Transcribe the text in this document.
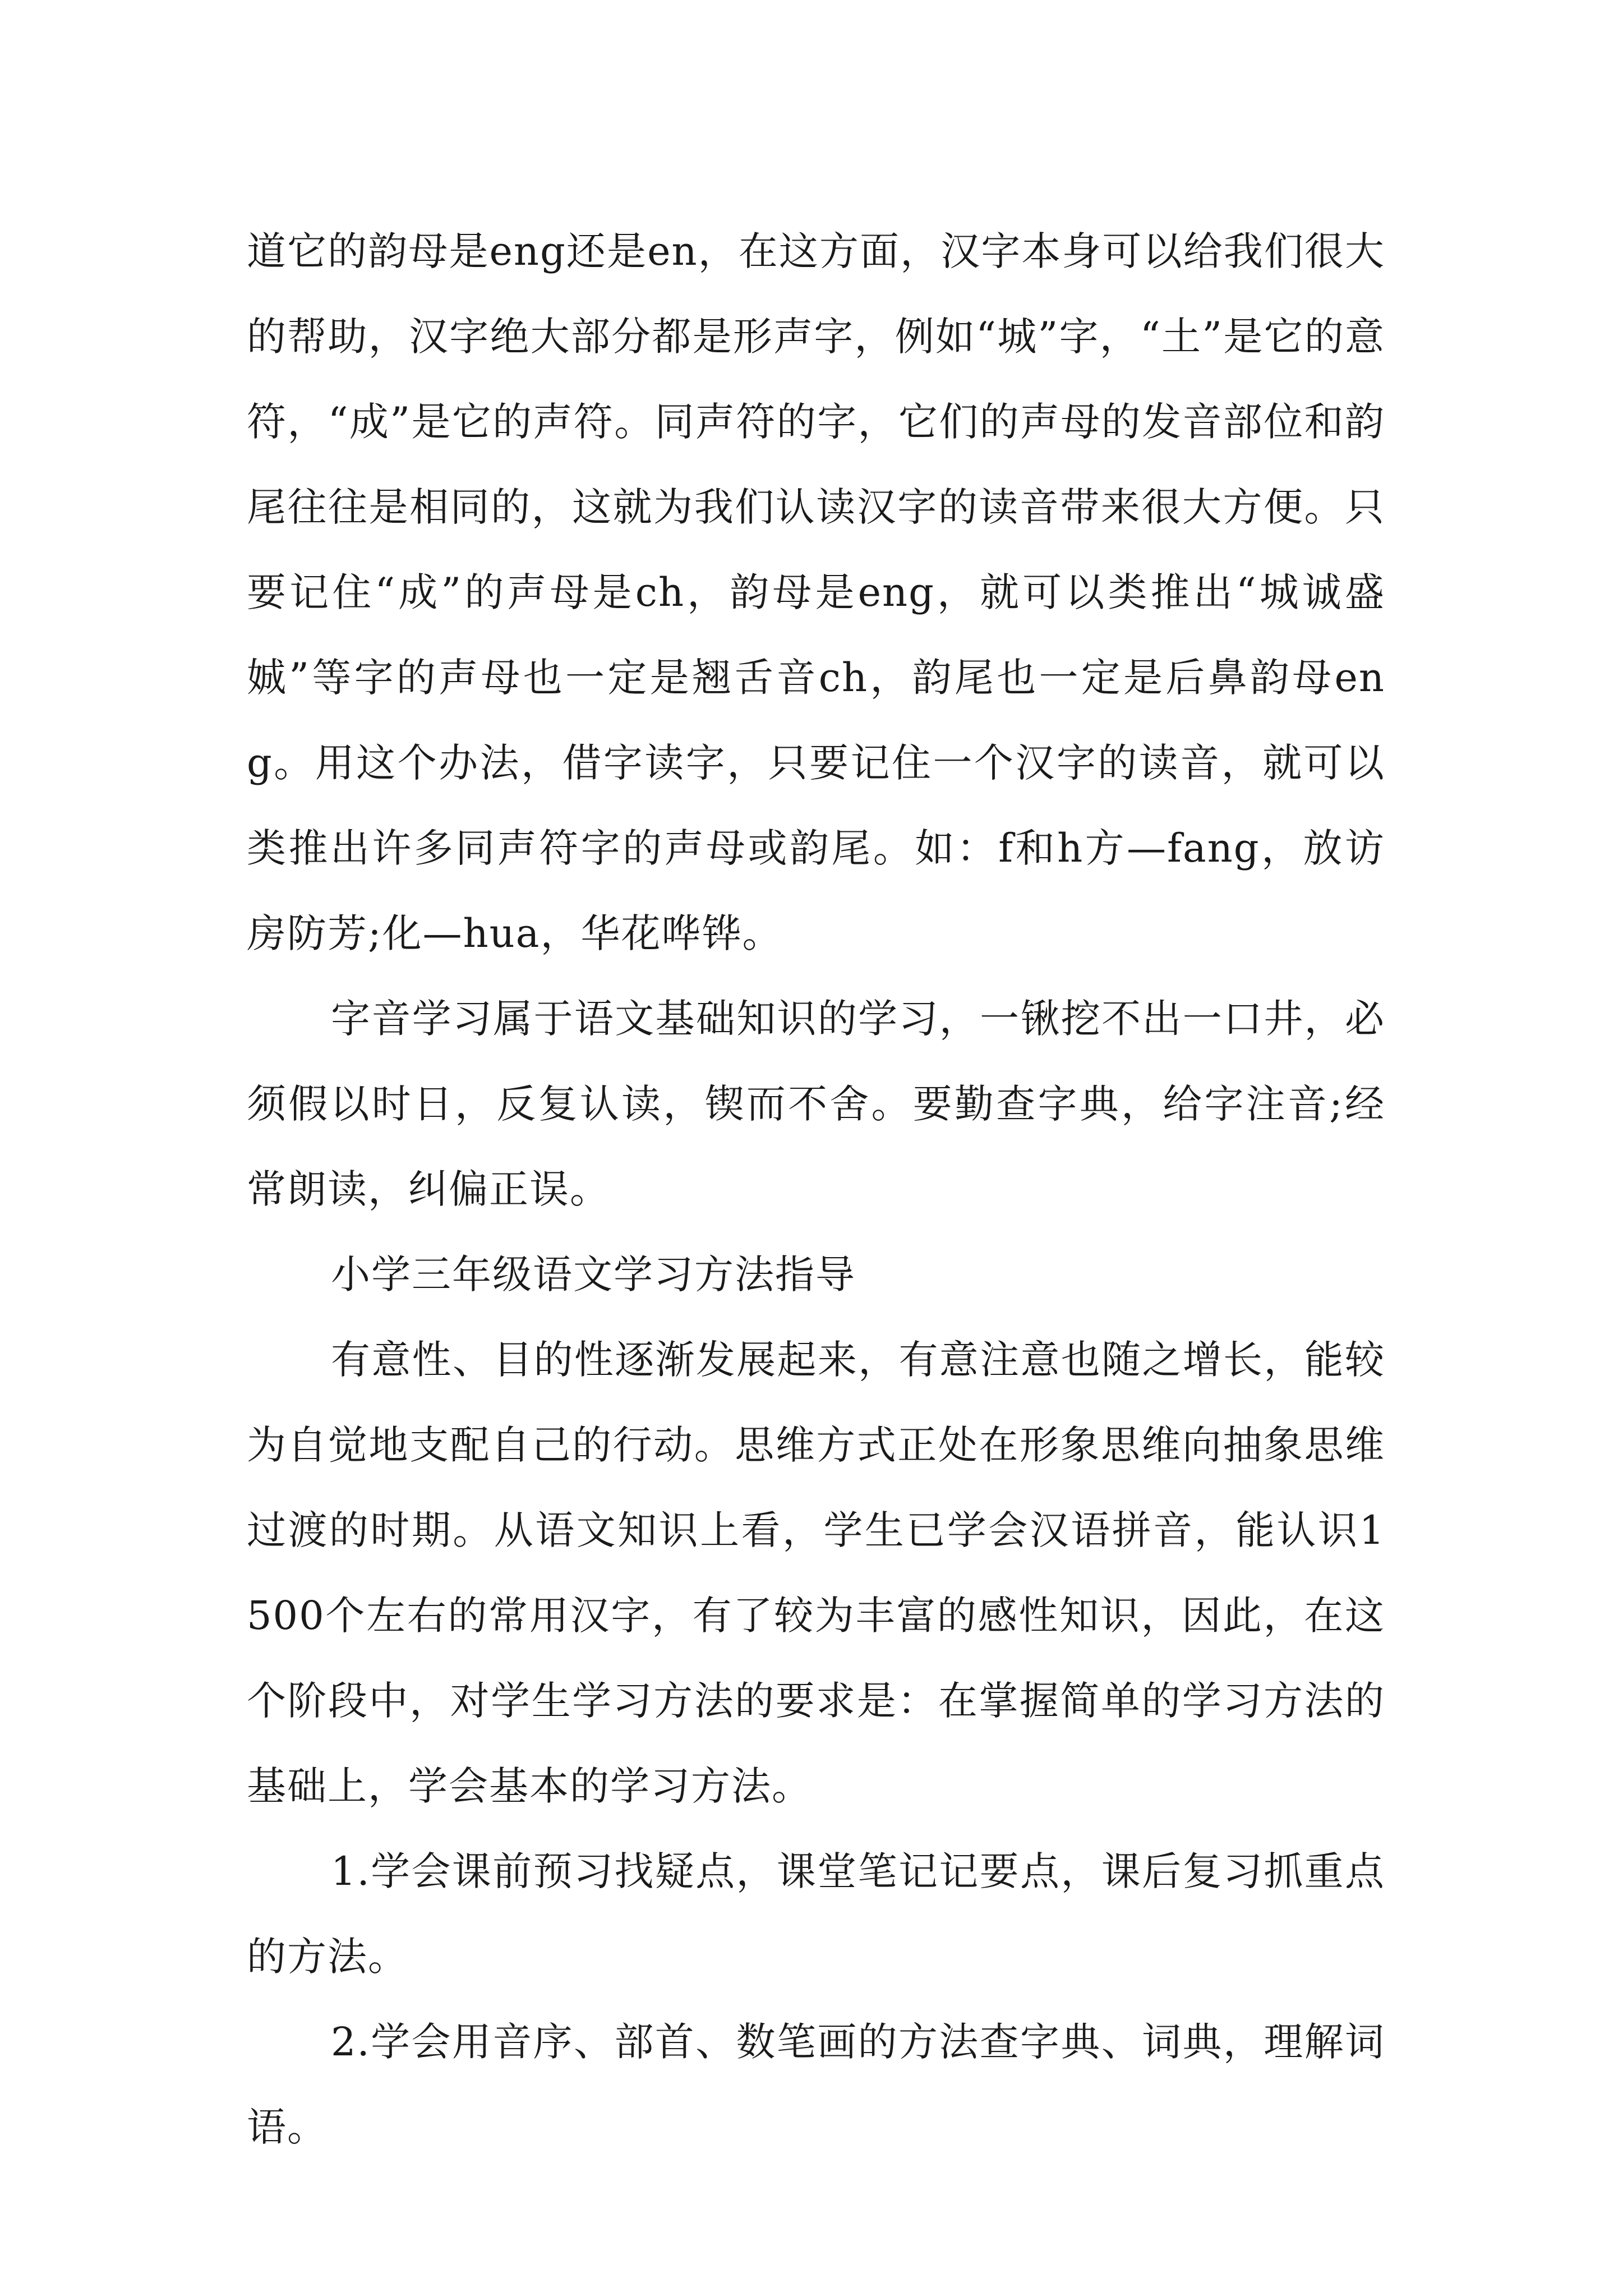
道它的韵母是eng还是en，在这方面，汉字本身可以给我们很大的帮助，汉字绝大部分都是形声字，例如“城”字，“土”是它的意符，“成”是它的声符。同声符的字，它们的声母的发音部位和韵尾往往是相同的，这就为我们认读汉字的读音带来很大方便。只要记住“成”的声母是ch，韵母是eng，就可以类推出“城诚盛娍”等字的声母也一定是翘舌音ch，韵尾也一定是后鼻韵母eng。用这个办法，借字读字，只要记住一个汉字的读音，就可以类推出许多同声符字的声母或韵尾。如：f和h方—fang，放访房防芳;化—hua，华花哗铧。

字音学习属于语文基础知识的学习，一锹挖不出一口井，必须假以时日，反复认读，锲而不舍。要勤查字典，给字注音;经常朗读，纠偏正误。

小学三年级语文学习方法指导

有意性、目的性逐渐发展起来，有意注意也随之增长，能较为自觉地支配自己的行动。思维方式正处在形象思维向抽象思维过渡的时期。从语文知识上看，学生已学会汉语拼音，能认识1500个左右的常用汉字，有了较为丰富的感性知识，因此，在这个阶段中，对学生学习方法的要求是：在掌握简单的学习方法的基础上，学会基本的学习方法。

1.学会课前预习找疑点，课堂笔记记要点，课后复习抓重点的方法。

2.学会用音序、部首、数笔画的方法查字典、词典，理解词语。
